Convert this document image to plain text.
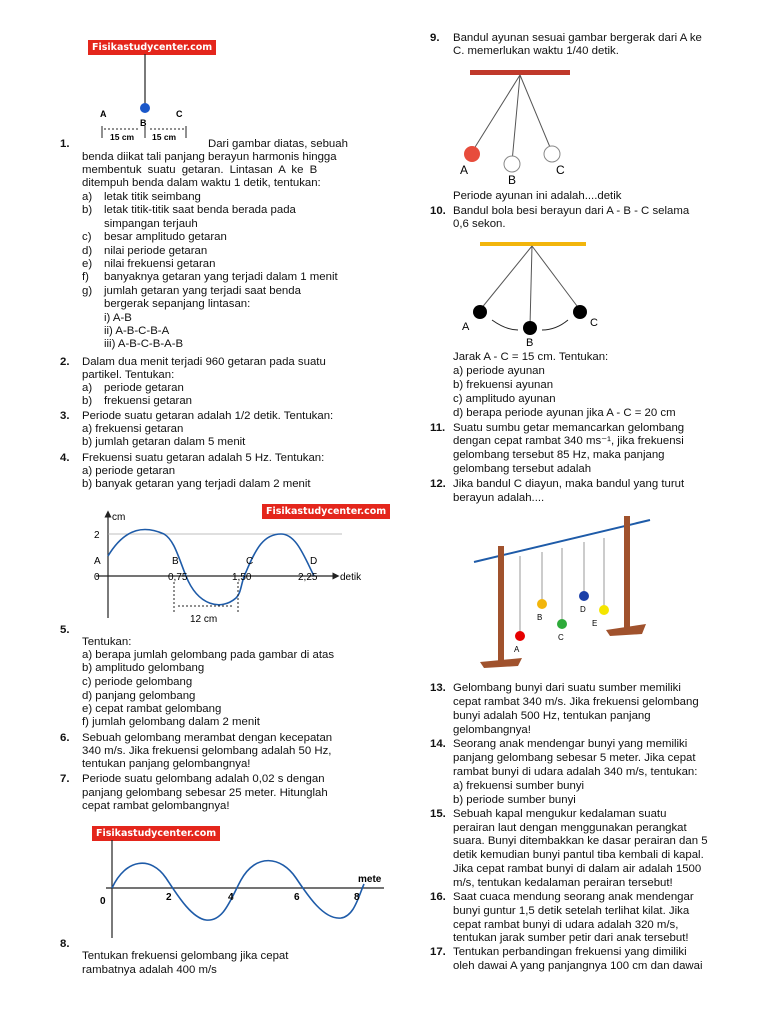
Fisikastudycenter.com
A
B
C
15 cm 15 cm
1.	Dari gambar diatas, sebuah
benda diikat tali panjang berayun harmonis hingga
membentuk suatu getaran. Lintasan A ke B
ditempuh benda dalam waktu 1 detik, tentukan:
a) letak titik seimbang
b) letak titik-titik saat benda berada pada
simpangan terjauh
c) besar amplitudo getaran
d) nilai periode getaran
e) nilai frekuensi getaran
f) banyaknya getaran yang terjadi dalam 1 menit
g) jumlah getaran yang terjadi saat benda
bergerak sepanjang lintasan:
i) A-B
ii) A-B-C-B-A
iii) A-B-C-B-A-B
2. Dalam dua menit terjadi 960 getaran pada suatu
partikel. Tentukan:
a) periode getaran
b) frekuensi getaran
3. Periode suatu getaran adalah 1/2 detik. Tentukan:
a) frekuensi getaran
b) jumlah getaran dalam 5 menit
4. Frekuensi suatu getaran adalah 5 Hz. Tentukan:
a) periode getaran
b) banyak getaran yang terjadi dalam 2 menit
Fisikastudycenter.com
cm
2
A
0
B	C	D
0,75	1,50	2,25 detik
12 cm
5.
Tentukan:
a) berapa jumlah gelombang pada gambar di atas
b) amplitudo gelombang
c) periode gelombang
d) panjang gelombang
e) cepat rambat gelombang
f) jumlah gelombang dalam 2 menit
6. Sebuah gelombang merambat dengan kecepatan
340 m/s. Jika frekuensi gelombang adalah 50 Hz,
tentukan panjang gelombangnya!
7. Periode suatu gelombang adalah 0,02 s dengan
panjang gelombang sebesar 25 meter. Hitunglah
cepat rambat gelombangnya!
Fisikastudycenter.com
0	2	4	6	8
mete
8.
Tentukan frekuensi gelombang jika cepat
rambatnya adalah 400 m/s
9. Bandul ayunan sesuai gambar bergerak dari A ke
C. memerlukan waktu 1/40 detik.
A
B
C
Periode ayunan ini adalah....detik
10. Bandul bola besi berayun dari A - B - C selama
0,6 sekon.
A
B
C
Jarak A - C = 15 cm. Tentukan:
a) periode ayunan
b) frekuensi ayunan
c) amplitudo ayunan
d) berapa periode ayunan jika A - C = 20 cm
11. Suatu sumbu getar memancarkan gelombang
dengan cepat rambat 340 ms⁻¹, jika frekuensi
gelombang tersebut 85 Hz, maka panjang
gelombang tersebut adalah
12. Jika bandul C diayun, maka bandul yang turut
berayun adalah....
A
B
C
D
E
13. Gelombang bunyi dari suatu sumber memiliki
cepat rambat 340 m/s. Jika frekuensi gelombang
bunyi adalah 500 Hz, tentukan panjang
gelombangnya!
14. Seorang anak mendengar bunyi yang memiliki
panjang gelombang sebesar 5 meter. Jika cepat
rambat bunyi di udara adalah 340 m/s, tentukan:
a) frekuensi sumber bunyi
b) periode sumber bunyi
15. Sebuah kapal mengukur kedalaman suatu
perairan laut dengan menggunakan perangkat
suara. Bunyi ditembakkan ke dasar perairan dan 5
detik kemudian bunyi pantul tiba kembali di kapal.
Jika cepat rambat bunyi di dalam air adalah 1500
m/s, tentukan kedalaman perairan tersebut!
16. Saat cuaca mendung seorang anak mendengar
bunyi guntur 1,5 detik setelah terlihat kilat. Jika
cepat rambat bunyi di udara adalah 320 m/s,
tentukan jarak sumber petir dari anak tersebut!
17. Tentukan perbandingan frekuensi yang dimiliki
oleh dawai A yang panjangnya 100 cm dan dawai
